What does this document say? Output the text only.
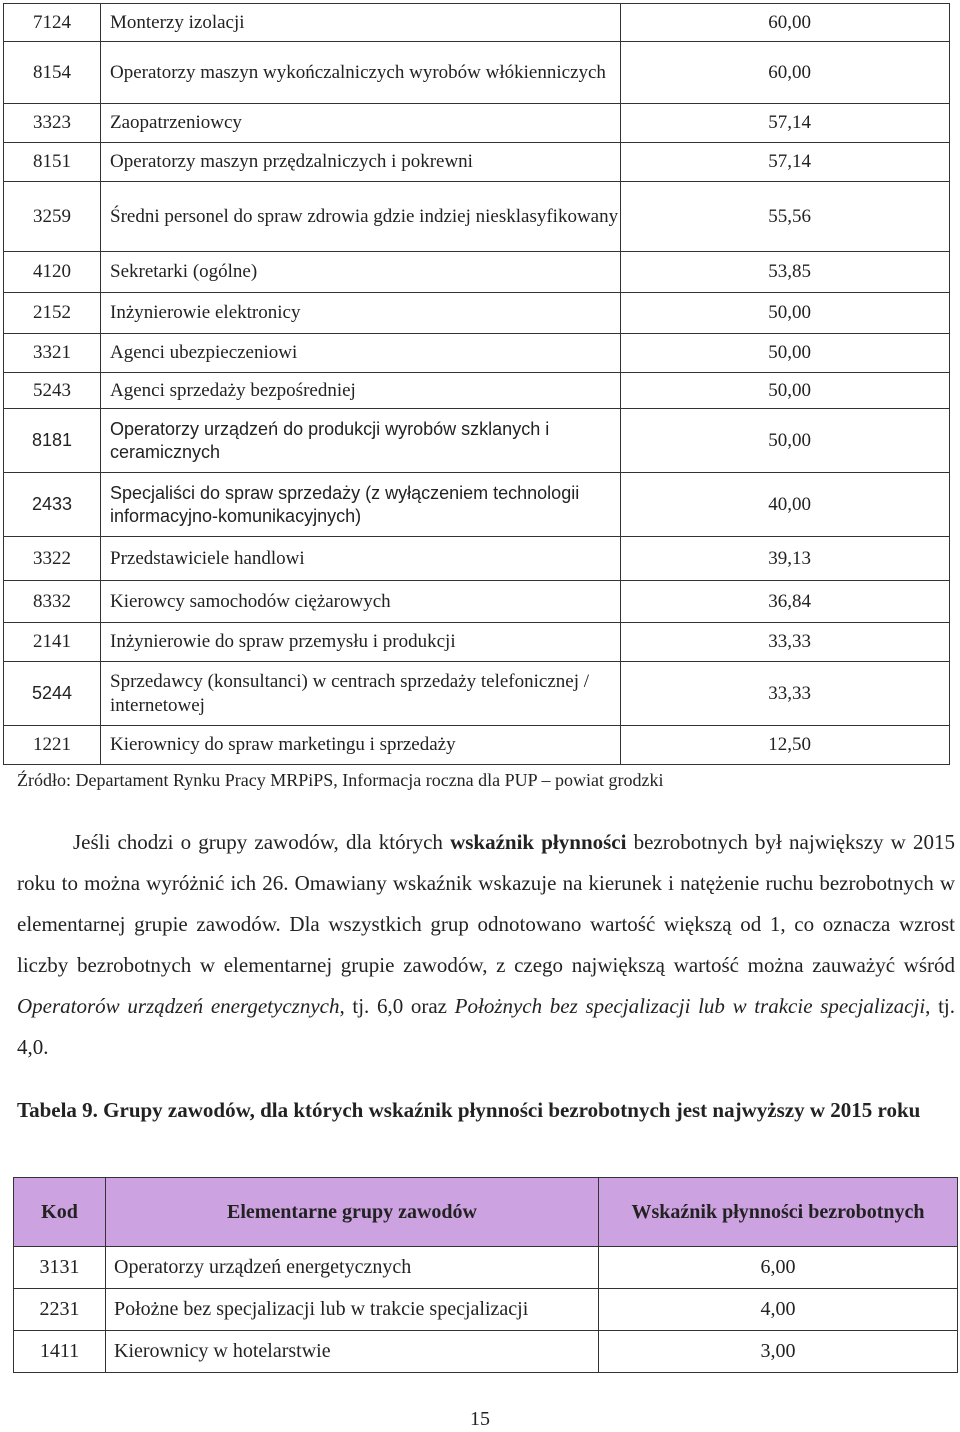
7124	Monterzy izolacji	60,00
8154	Operatorzy maszyn wykończalniczych wyrobów włókienniczych	60,00
3323	Zaopatrzeniowcy	57,14
8151	Operatorzy maszyn przędzalniczych i pokrewni	57,14
3259	Średni personel do spraw zdrowia gdzie indziej niesklasyfikowany	55,56
4120	Sekretarki (ogólne)	53,85
2152	Inżynierowie elektronicy	50,00
3321	Agenci ubezpieczeniowi	50,00
5243	Agenci sprzedaży bezpośredniej	50,00
8181	Operatorzy urządzeń do produkcji wyrobów szklanych i ceramicznych	50,00
2433	Specjaliści do spraw sprzedaży (z wyłączeniem technologii informacyjno-komunikacyjnych)	40,00
3322	Przedstawiciele handlowi	39,13
8332	Kierowcy samochodów ciężarowych	36,84
2141	Inżynierowie do spraw przemysłu i produkcji	33,33
5244	Sprzedawcy (konsultanci) w centrach sprzedaży telefonicznej / internetowej	33,33
1221	Kierownicy do spraw marketingu i sprzedaży	12,50
Źródło: Departament Rynku Pracy MRPiPS, Informacja roczna dla PUP – powiat grodzki

Jeśli chodzi o grupy zawodów, dla których wskaźnik płynności bezrobotnych był największy w 2015 roku to można wyróżnić ich 26. Omawiany wskaźnik wskazuje na kierunek i natężenie ruchu bezrobotnych w elementarnej grupie zawodów. Dla wszystkich grup odnotowano wartość większą od 1, co oznacza wzrost liczby bezrobotnych w elementarnej grupie zawodów, z czego największą wartość można zauważyć wśród Operatorów urządzeń energetycznych, tj. 6,0 oraz Położnych bez specjalizacji lub w trakcie specjalizacji, tj. 4,0.

Tabela 9. Grupy zawodów, dla których wskaźnik płynności bezrobotnych jest najwyższy w 2015 roku
Kod	Elementarne grupy zawodów	Wskaźnik płynności bezrobotnych
3131	Operatorzy urządzeń energetycznych	6,00
2231	Położne bez specjalizacji lub w trakcie specjalizacji	4,00
1411	Kierownicy w hotelarstwie	3,00
15
